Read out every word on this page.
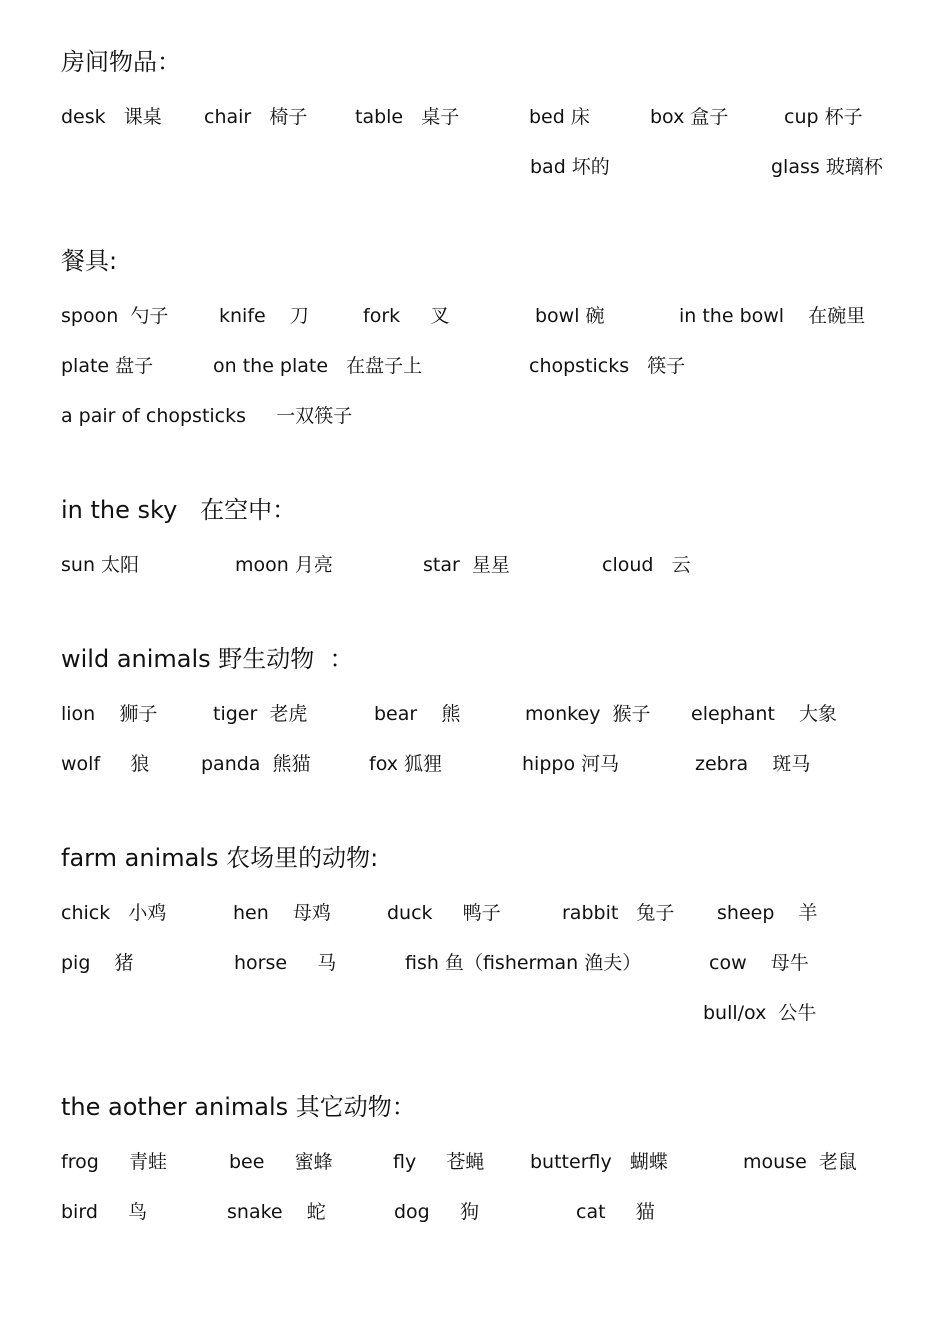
房间物品：
desk   课桌 chair   椅子	table   桌子	bed 床	box 盒子	cup 杯子
bad 坏的	glass 玻璃杯
餐具:
spoon  勺子	knife    刀	fork     叉	bowl 碗	in the bowl    在碗里
plate 盘子	on the plate   在盘子上	chopsticks   筷子
a pair of chopsticks     一双筷子
in the sky   在空中：
sun 太阳	moon 月亮	star  星星	cloud   云
wild animals 野生动物  ：
lion    狮子	tiger  老虎	bear    熊	monkey  猴子 elephant    大象
wolf     狼	panda  熊猫	fox 狐狸	hippo 河马	zebra    斑马
farm animals 农场里的动物:
chick   小鸡	hen    母鸡	duck     鸭子	rabbit   兔子 sheep    羊
pig    猪	horse     马	fish 鱼（fisherman 渔夫）	cow    母牛
bull/ox  公牛
the aother animals 其它动物：
frog     青蛙	bee     蜜蜂	fly     苍蝇 butterfly   蝴蝶	mouse  老鼠
bird     鸟	snake    蛇	dog     狗	cat     猫
